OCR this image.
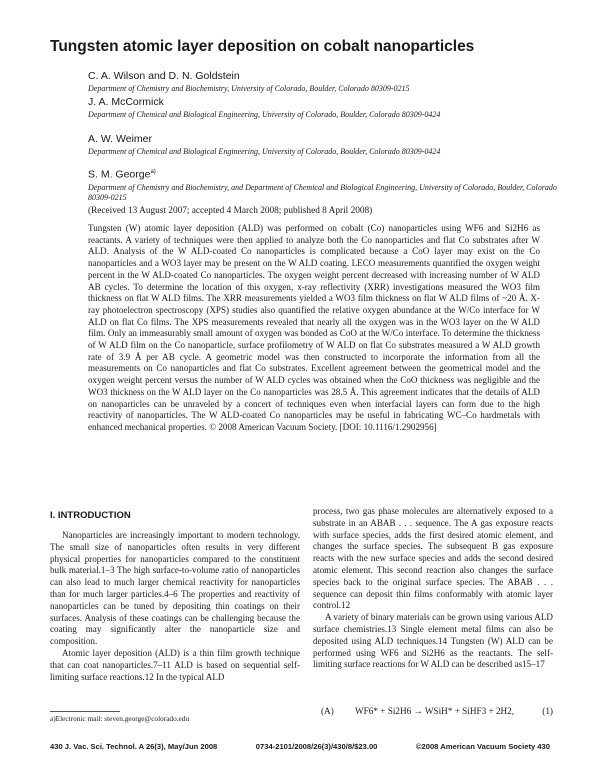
Tungsten atomic layer deposition on cobalt nanoparticles
C. A. Wilson and D. N. Goldstein
Department of Chemistry and Biochemistry, University of Colorado, Boulder, Colorado 80309-0215
J. A. McCormick
Department of Chemical and Biological Engineering, University of Colorado, Boulder, Colorado 80309-0424
A. W. Weimer
Department of Chemical and Biological Engineering, University of Colorado, Boulder, Colorado 80309-0424
S. M. George$^{a)}$
Department of Chemistry and Biochemistry, and Department of Chemical and Biological Engineering, University of Colorado, Boulder, Colorado 80309-0215
(Received 13 August 2007; accepted 4 March 2008; published 8 April 2008)
Tungsten (W) atomic layer deposition (ALD) was performed on cobalt (Co) nanoparticles using WF6 and Si2H6 as reactants. A variety of techniques were then applied to analyze both the Co nanoparticles and flat Co substrates after W ALD. Analysis of the W ALD-coated Co nanoparticles is complicated because a CoO layer may exist on the Co nanoparticles and a WO3 layer may be present on the W ALD coating. LECO measurements quantified the oxygen weight percent in the W ALD-coated Co nanoparticles. The oxygen weight percent decreased with increasing number of W ALD AB cycles. To determine the location of this oxygen, x-ray reflectivity (XRR) investigations measured the WO3 film thickness on flat W ALD films. The XRR measurements yielded a WO3 film thickness on flat W ALD films of ~20 Å. X-ray photoelectron spectroscopy (XPS) studies also quantified the relative oxygen abundance at the W/Co interface for W ALD on flat Co films. The XPS measurements revealed that nearly all the oxygen was in the WO3 layer on the W ALD film. Only an immeasurably small amount of oxygen was bonded as CoO at the W/Co interface. To determine the thickness of W ALD film on the Co nanoparticle, surface profilometry of W ALD on flat Co substrates measured a W ALD growth rate of 3.9 Å per AB cycle. A geometric model was then constructed to incorporate the information from all the measurements on Co nanoparticles and flat Co substrates. Excellent agreement between the geometrical model and the oxygen weight percent versus the number of W ALD cycles was obtained when the CoO thickness was negligible and the WO3 thickness on the W ALD layer on the Co nanoparticles was 28.5 Å. This agreement indicates that the details of ALD on nanoparticles can be unraveled by a concert of techniques even when interfacial layers can form due to the high reactivity of nanoparticles. The W ALD-coated Co nanoparticles may be useful in fabricating WC–Co hardmetals with enhanced mechanical properties. © 2008 American Vacuum Society. [DOI: 10.1116/1.2902956]
I. INTRODUCTION

Nanoparticles are increasingly important to modern technology. The small size of nanoparticles often results in very different physical properties for nanoparticles compared to the constituent bulk material.1–3 The high surface-to-volume ratio of nanoparticles can also lead to much larger chemical reactivity for nanoparticles than for much larger particles.4–6 The properties and reactivity of nanoparticles can be tuned by depositing thin coatings on their surfaces. Analysis of these coatings can be challenging because the coating may significantly alter the nanoparticle size and composition.

Atomic layer deposition (ALD) is a thin film growth technique that can coat nanoparticles.7–11 ALD is based on sequential self-limiting surface reactions.12 In the typical ALD

process, two gas phase molecules are alternatively exposed to a substrate in an ABAB . . . sequence. The A gas exposure reacts with surface species, adds the first desired atomic element, and changes the surface species. The subsequent B gas exposure reacts with the new surface species and adds the second desired atomic element. This second reaction also changes the surface species back to the original surface species. The ABAB . . . sequence can deposit thin films conformably with atomic layer control.12

A variety of binary materials can be grown using various ALD surface chemistries.13 Single element metal films can also be deposited using ALD techniques.14 Tungsten (W) ALD can be performed using WF6 and Si2H6 as the reactants. The self-limiting surface reactions for W ALD can be described as15–17

a)Electronic mail: steven.george@colorado.edu
(A) WF6* + Si2H6 → WSiH* + SiHF3 + 2H2,	(1)
430 J. Vac. Sci. Technol. A 26(3), May/Jun 2008	0734-2101/2008/26(3)/430/8/$23.00	©2008 American Vacuum Society 430
